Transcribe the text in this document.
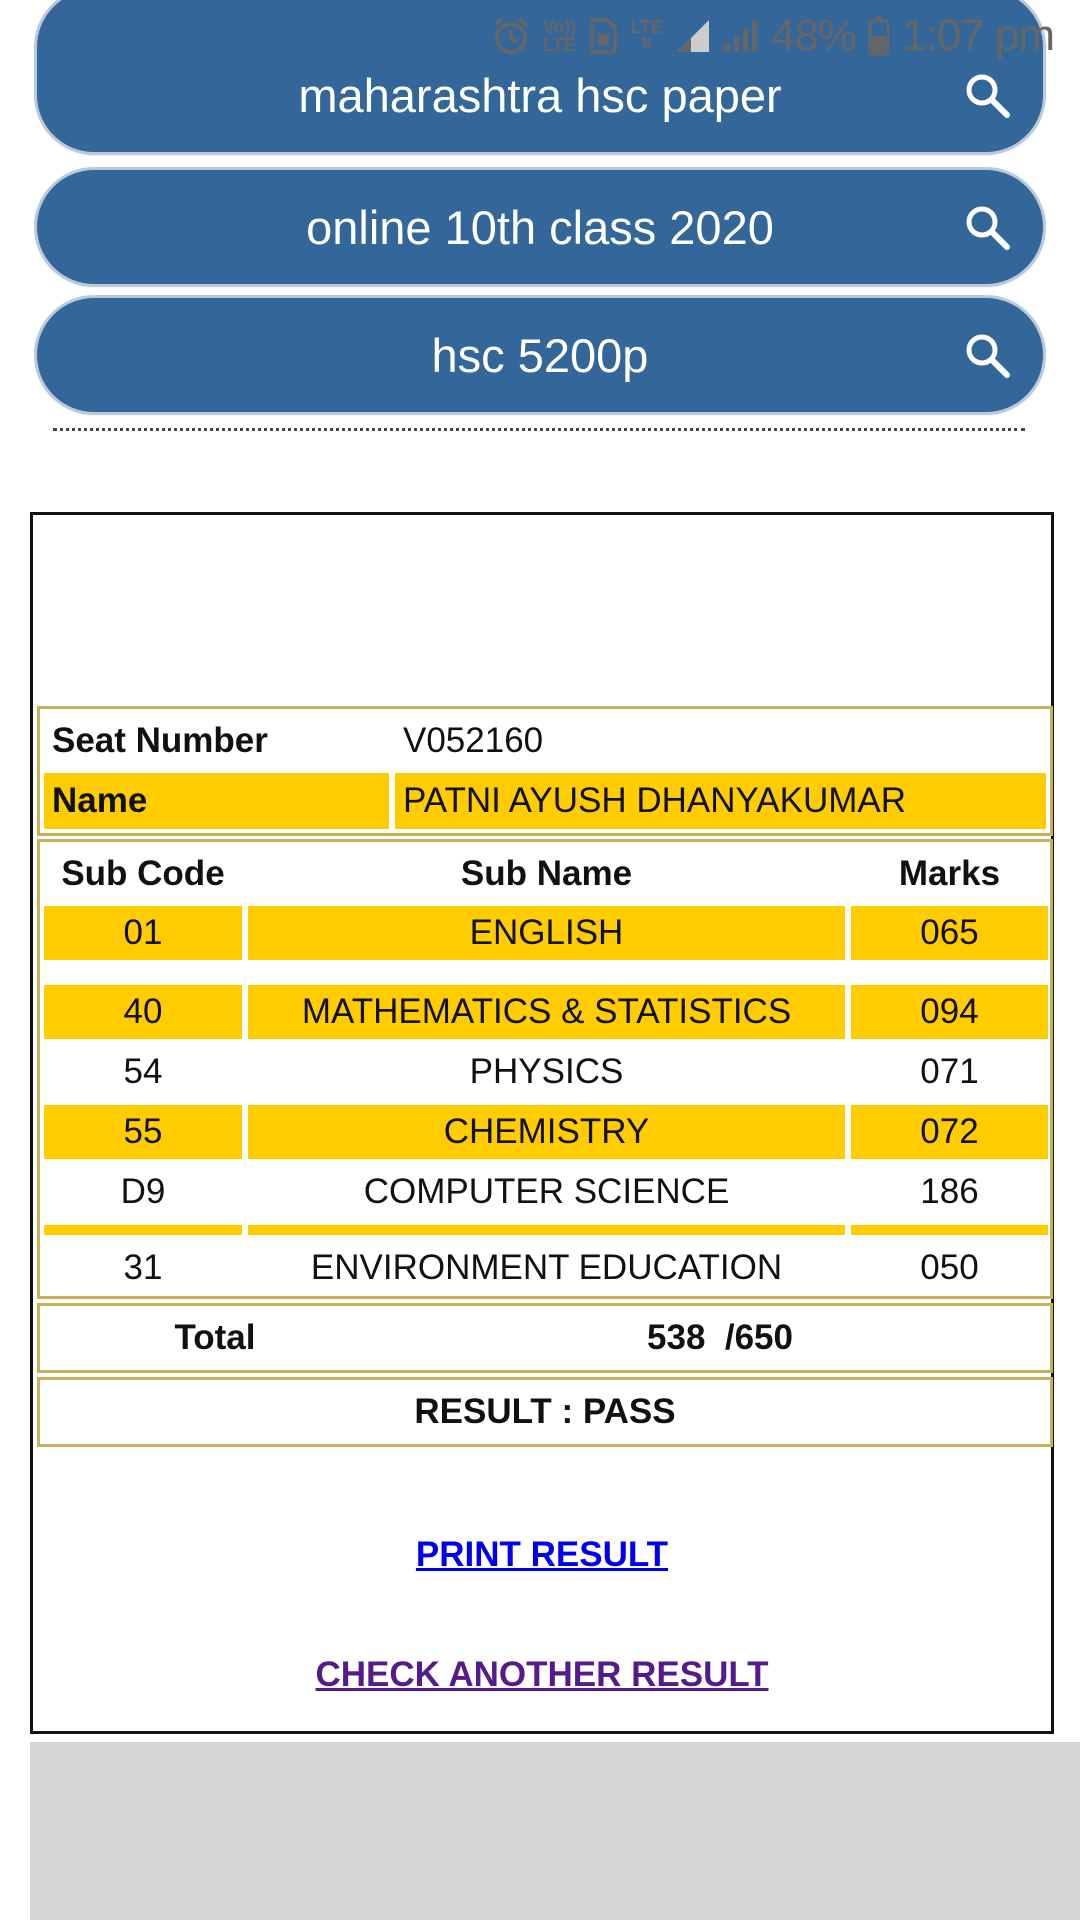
Vo))
LTE
LTE
⇅	48% 1:07 pm
maharashtra hsc paper
online 10th class 2020
hsc 5200p
Seat Number	V052160
Name	PATNI AYUSH DHANYAKUMAR
Sub Code	Sub Name	Marks
01	ENGLISH	065
40	MATHEMATICS & STATISTICS	094
54	PHYSICS	071
55	CHEMISTRY	072
D9	COMPUTER SCIENCE	186
31	ENVIRONMENT EDUCATION	050
Total	538  /650
RESULT : PASS
PRINT RESULT
CHECK ANOTHER RESULT
